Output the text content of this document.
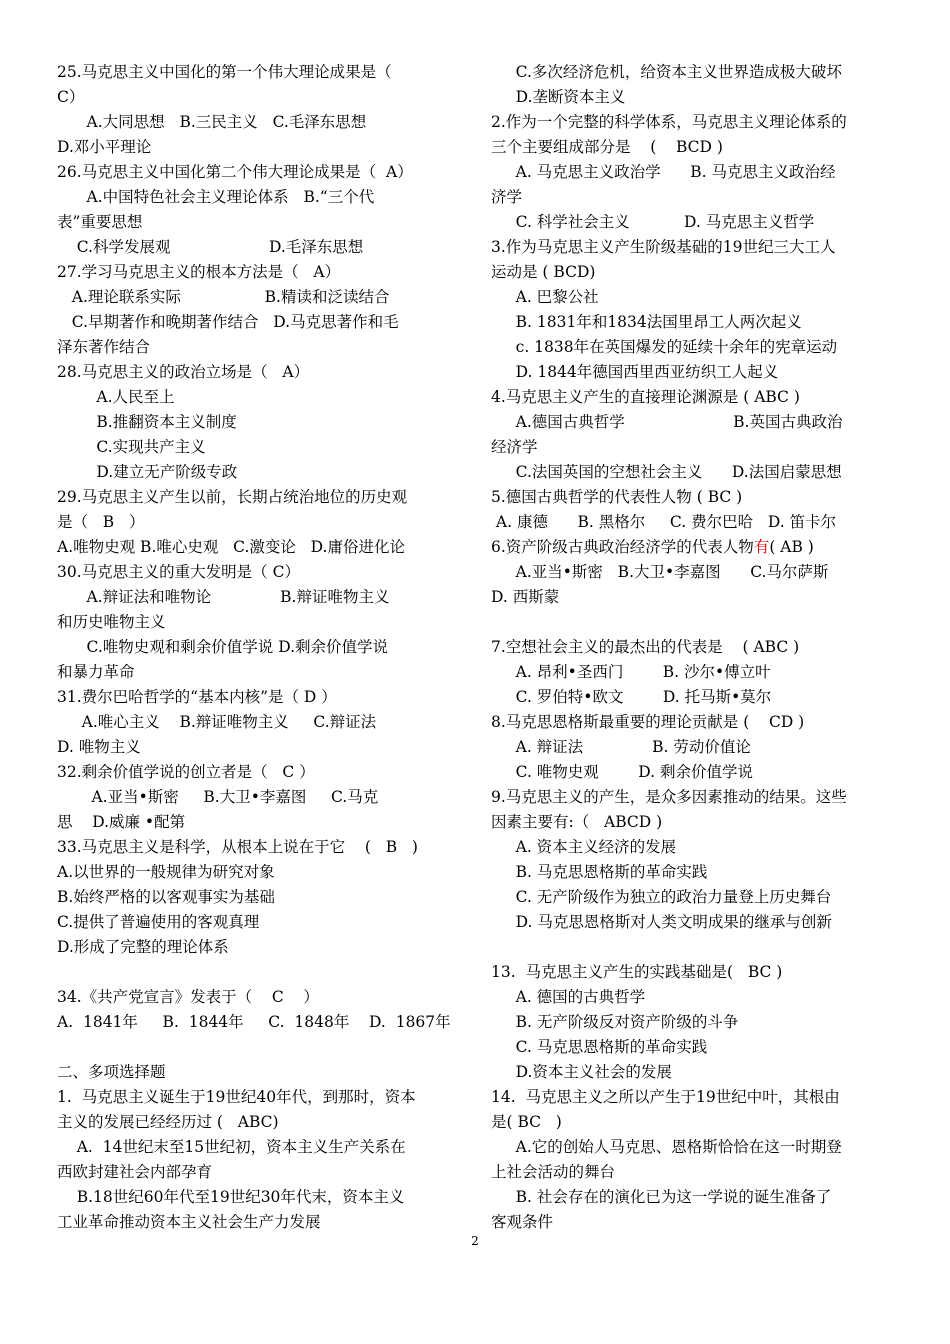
25.马克思主义中国化的第一个伟大理论成果是（
C）
A.大同思想   B.三民主义   C.毛泽东思想
D.邓小平理论
26.马克思主义中国化第二个伟大理论成果是（  A）
A.中国特色社会主义理论体系   B.“三个代
表”重要思想
C.科学发展观                    D.毛泽东思想
27.学习马克思主义的根本方法是（   A）
A.理论联系实际                 B.精读和泛读结合
C.早期著作和晚期著作结合   D.马克思著作和毛
泽东著作结合
28.马克思主义的政治立场是（   A）
A.人民至上
B.推翻资本主义制度
C.实现共产主义
D.建立无产阶级专政
29.马克思主义产生以前，长期占统治地位的历史观
是（   B   ）
A.唯物史观 B.唯心史观   C.激变论   D.庸俗进化论
30.马克思主义的重大发明是（ C）
A.辩证法和唯物论              B.辩证唯物主义
和历史唯物主义
C.唯物史观和剩余价值学说 D.剩余价值学说
和暴力革命
31.费尔巴哈哲学的“基本内核”是（ D ）
A.唯心主义    B.辩证唯物主义     C.辩证法
D. 唯物主义
32.剩余价值学说的创立者是（   C ）
A.亚当•斯密     B.大卫•李嘉图     C.马克
思    D.威廉 •配第
33.马克思主义是科学，从根本上说在于它    (   B   )
A.以世界的一般规律为研究对象
B.始终严格的以客观事实为基础
C.提供了普遍使用的客观真理
D.形成了完整的理论体系
34.《共产党宣言》发表于（    C    ）
A.  1841年     B.  1844年     C.  1848年    D.  1867年
二、多项选择题
1.  马克思主义诞生于19世纪40年代，到那时，资本
主义的发展已经经历过 (   ABC)
A.  14世纪末至15世纪初，资本主义生产关系在
西欧封建社会内部孕育
B.18世纪60年代至19世纪30年代末，资本主义
工业革命推动资本主义社会生产力发展
C.多次经济危机，给资本主义世界造成极大破坏
D.垄断资本主义
2.作为一个完整的科学体系，马克思主义理论体系的
三个主要组成部分是    (    BCD )
A. 马克思主义政治学      B. 马克思主义政治经
济学
C. 科学社会主义           D. 马克思主义哲学
3.作为马克思主义产生阶级基础的19世纪三大工人
运动是 ( BCD)
A. 巴黎公社
B. 1831年和1834法国里昂工人两次起义
c. 1838年在英国爆发的延续十余年的宪章运动
D. 1844年德国西里西亚纺织工人起义
4.马克思主义产生的直接理论渊源是 ( ABC )
A.德国古典哲学                      B.英国古典政治
经济学
C.法国英国的空想社会主义      D.法国启蒙思想
5.德国古典哲学的代表性人物 ( BC )
A. 康德      B. 黑格尔     C. 费尔巴哈   D. 笛卡尔
6.资产阶级古典政治经济学的代表人物有( AB )
A.亚当•斯密   B.大卫•李嘉图      C.马尔萨斯
D. 西斯蒙
7.空想社会主义的最杰出的代表是    ( ABC )
A. 昂利•圣西门        B. 沙尔•傅立叶
C. 罗伯特•欧文        D. 托马斯•莫尔
8.马克思恩格斯最重要的理论贡献是 (    CD )
A. 辩证法              B. 劳动价值论
C. 唯物史观        D. 剩余价值学说
9.马克思主义的产生，是众多因素推动的结果。这些
因素主要有:（   ABCD )
A. 资本主义经济的发展
B. 马克思恩格斯的革命实践
C. 无产阶级作为独立的政治力量登上历史舞台
D. 马克思恩格斯对人类文明成果的继承与创新
13.  马克思主义产生的实践基础是(   BC )
A. 德国的古典哲学
B. 无产阶级反对资产阶级的斗争
C. 马克思恩格斯的革命实践
D.资本主义社会的发展
14.  马克思主义之所以产生于19世纪中叶，其根由
是( BC   )
A.它的创始人马克思、恩格斯恰恰在这一时期登
上社会活动的舞台
B. 社会存在的演化已为这一学说的诞生准备了
客观条件
2
